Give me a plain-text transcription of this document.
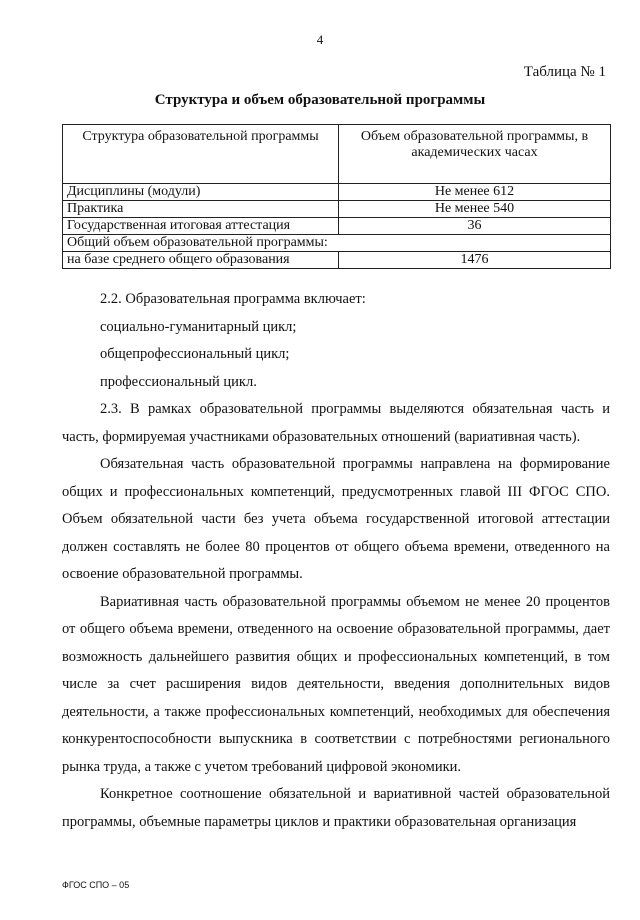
4
Таблица № 1
Структура и объем образовательной программы
Структура образовательной программы	Объем образовательной программы, в академических часах
Дисциплины (модули)	Не менее 612
Практика	Не менее 540
Государственная итоговая аттестация	36
Общий объем образовательной программы:	
на базе среднего общего образования	1476

2.2. Образовательная программа включает:

социально-гуманитарный цикл;

общепрофессиональный цикл;

профессиональный цикл.

2.3. В рамках образовательной программы выделяются обязательная часть и часть, формируемая участниками образовательных отношений (вариативная часть).

Обязательная часть образовательной программы направлена на формирование общих и профессиональных компетенций, предусмотренных главой III ФГОС СПО. Объем обязательной части без учета объема государственной итоговой аттестации должен составлять не более 80 процентов от общего объема времени, отведенного на освоение образовательной программы.

Вариативная часть образовательной программы объемом не менее 20 процентов от общего объема времени, отведенного на освоение образовательной программы, дает возможность дальнейшего развития общих и профессиональных компетенций, в том числе за счет расширения видов деятельности, введения дополнительных видов деятельности, а также профессиональных компетенций, необходимых для обеспечения конкурентоспособности выпускника в соответствии с потребностями регионального рынка труда, а также с учетом требований цифровой экономики.

Конкретное соотношение обязательной и вариативной частей образовательной программы, объемные параметры циклов и практики образовательная организация

ФГОС СПО – 05
